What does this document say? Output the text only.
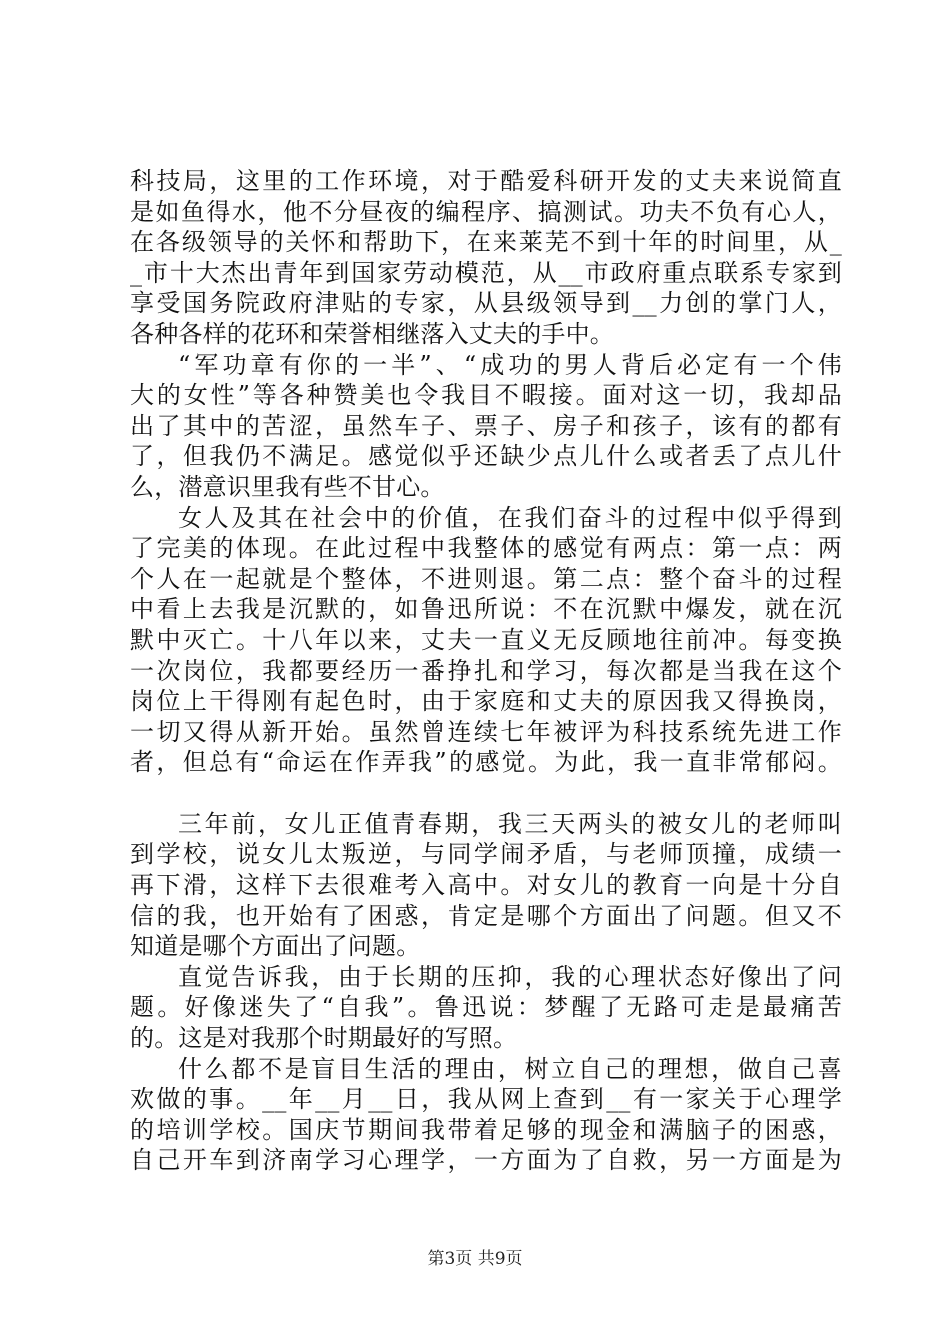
科技局，这里的工作环境，对于酷爱科研开发的丈夫来说简直
是如鱼得水，他不分昼夜的编程序、搞测试。功夫不负有心人，
在各级领导的关怀和帮助下，在来莱芜不到十年的时间里，从_
_市十大杰出青年到国家劳动模范，从__市政府重点联系专家到
享受国务院政府津贴的专家，从县级领导到__力创的掌门人，
各种各样的花环和荣誉相继落入丈夫的手中。
“军功章有你的一半”、“成功的男人背后必定有一个伟
大的女性”等各种赞美也令我目不暇接。面对这一切，我却品
出了其中的苦涩，虽然车子、票子、房子和孩子，该有的都有
了，但我仍不满足。感觉似乎还缺少点儿什么或者丢了点儿什
么，潜意识里我有些不甘心。
女人及其在社会中的价值，在我们奋斗的过程中似乎得到
了完美的体现。在此过程中我整体的感觉有两点：第一点：两
个人在一起就是个整体，不进则退。第二点：整个奋斗的过程
中看上去我是沉默的，如鲁迅所说：不在沉默中爆发，就在沉
默中灭亡。十八年以来，丈夫一直义无反顾地往前冲。每变换
一次岗位，我都要经历一番挣扎和学习，每次都是当我在这个
岗位上干得刚有起色时，由于家庭和丈夫的原因我又得换岗，
一切又得从新开始。虽然曾连续七年被评为科技系统先进工作
者，但总有“命运在作弄我”的感觉。为此，我一直非常郁闷。
三年前，女儿正值青春期，我三天两头的被女儿的老师叫
到学校，说女儿太叛逆，与同学闹矛盾，与老师顶撞，成绩一
再下滑，这样下去很难考入高中。对女儿的教育一向是十分自
信的我，也开始有了困惑，肯定是哪个方面出了问题。但又不
知道是哪个方面出了问题。
直觉告诉我，由于长期的压抑，我的心理状态好像出了问
题。好像迷失了“自我”。鲁迅说：梦醒了无路可走是最痛苦
的。这是对我那个时期最好的写照。
什么都不是盲目生活的理由，树立自己的理想，做自己喜
欢做的事。__年__月__日，我从网上查到__有一家关于心理学
的培训学校。国庆节期间我带着足够的现金和满脑子的困惑，
自己开车到济南学习心理学，一方面为了自救，另一方面是为
第3页 共9页
